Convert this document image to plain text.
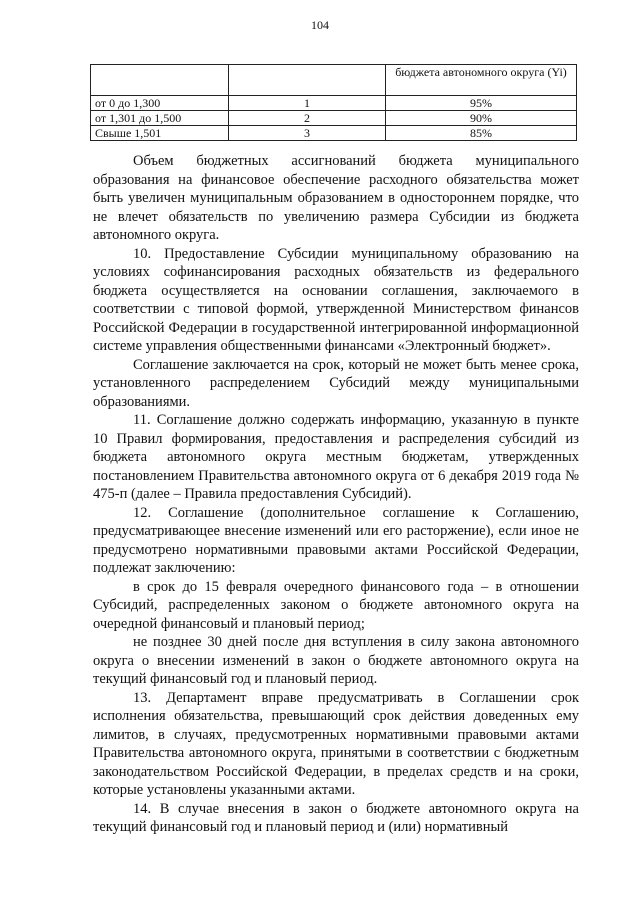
104
		бюджета автономного округа (Yi)
от 0 до 1,300	1	95%
от 1,301 до 1,500	2	90%
Свыше 1,501	3	85%

Объем бюджетных ассигнований бюджета муниципального образования на финансовое обеспечение расходного обязательства может быть увеличен муниципальным образованием в одностороннем порядке, что не влечет обязательств по увеличению размера Субсидии из бюджета автономного округа.

10. Предоставление Субсидии муниципальному образованию на условиях софинансирования расходных обязательств из федерального бюджета осуществляется на основании соглашения, заключаемого в соответствии с типовой формой, утвержденной Министерством финансов Российской Федерации в государственной интегрированной информационной системе управления общественными финансами «Электронный бюджет».

Соглашение заключается на срок, который не может быть менее срока, установленного распределением Субсидий между муниципальными образованиями.

11. Соглашение должно содержать информацию, указанную в пункте 10 Правил формирования, предоставления и распределения субсидий из бюджета автономного округа местным бюджетам, утвержденных постановлением Правительства автономного округа от 6 декабря 2019 года № 475-п (далее – Правила предоставления Субсидий).

12. Соглашение (дополнительное соглашение к Соглашению, предусматривающее внесение изменений или его расторжение), если иное не предусмотрено нормативными правовыми актами Российской Федерации, подлежат заключению:

в срок до 15 февраля очередного финансового года – в отношении Субсидий, распределенных законом о бюджете автономного округа на очередной финансовый и плановый период;

не позднее 30 дней после дня вступления в силу закона автономного округа о внесении изменений в закон о бюджете автономного округа на текущий финансовый год и плановый период.

13. Департамент вправе предусматривать в Соглашении срок исполнения обязательства, превышающий срок действия доведенных ему лимитов, в случаях, предусмотренных нормативными правовыми актами Правительства автономного округа, принятыми в соответствии с бюджетным законодательством Российской Федерации, в пределах средств и на сроки, которые установлены указанными актами.

14. В случае внесения в закон о бюджете автономного округа на текущий финансовый год и плановый период и (или) нормативный
